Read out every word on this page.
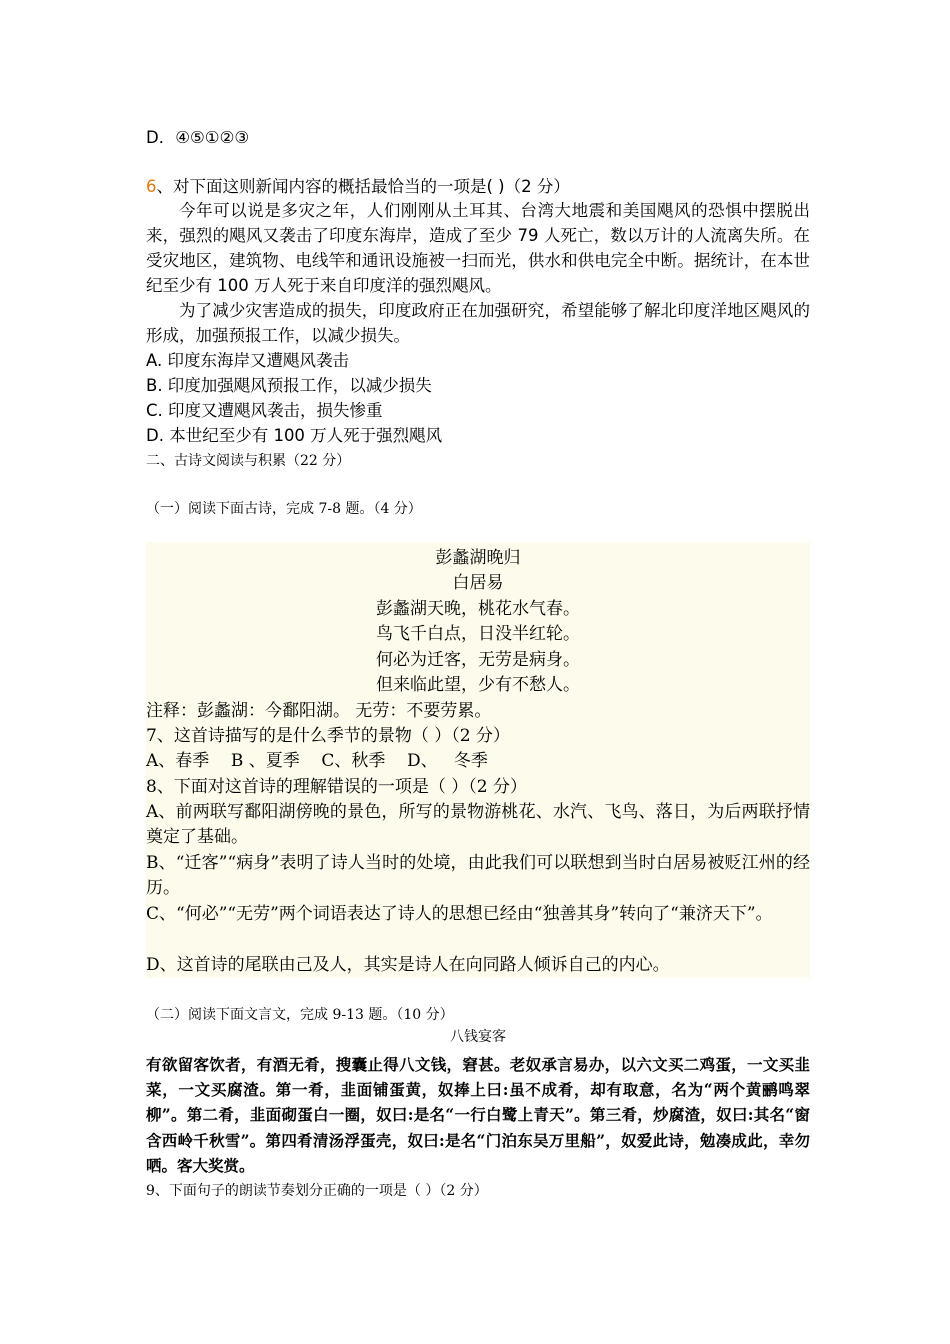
D．④⑤①②③
6、对下面这则新闻内容的概括最恰当的一项是( )（2 分）
今年可以说是多灾之年，人们刚刚从土耳其、台湾大地震和美国飓风的恐惧中摆脱出来，强烈的飓风又袭击了印度东海岸，造成了至少 79 人死亡，数以万计的人流离失所。在受灾地区，建筑物、电线竿和通讯设施被一扫而光，供水和供电完全中断。据统计，在本世纪至少有 100 万人死于来自印度洋的强烈飓风。
为了减少灾害造成的损失，印度政府正在加强研究，希望能够了解北印度洋地区飓风的形成，加强预报工作，以减少损失。
A. 印度东海岸又遭飓风袭击
B. 印度加强飓风预报工作，以减少损失
C. 印度又遭飓风袭击，损失惨重
D. 本世纪至少有 100 万人死于强烈飓风
二、古诗文阅读与积累（22 分）
（一）阅读下面古诗，完成 7-8 题。（4 分）
彭蠡湖晚归
白居易
彭蠡湖天晚，桃花水气春。
鸟飞千白点，日没半红轮。
何必为迁客，无劳是病身。
但来临此望，少有不愁人。
注释：彭蠡湖：今鄱阳湖。 无劳：不要劳累。
7、这首诗描写的是什么季节的景物（ ）（2 分）
A、春季    B 、夏季    C、秋季    D、   冬季
8、下面对这首诗的理解错误的一项是（ ）（2 分）
A、前两联写鄱阳湖傍晚的景色，所写的景物游桃花、水汽、飞鸟、落日，为后两联抒情奠定了基础。
B、“迁客”“病身”表明了诗人当时的处境，由此我们可以联想到当时白居易被贬江州的经历。
C、“何必”“无劳”两个词语表达了诗人的思想已经由“独善其身”转向了“兼济天下”。
D、这首诗的尾联由己及人，其实是诗人在向同路人倾诉自己的内心。
（二）阅读下面文言文，完成 9-13 题。（10 分）
八钱宴客
有欲留客饮者，有酒无肴，搜囊止得八文钱，窘甚。老奴承言易办，以六文买二鸡蛋，一文买韭菜，一文买腐渣。第一肴，韭面铺蛋黄，奴捧上曰:虽不成肴，却有取意，名为“两个黄鹂鸣翠柳”。第二肴，韭面砌蛋白一圈，奴曰:是名“一行白鹭上青天”。第三肴，炒腐渣，奴曰:其名“窗含西岭千秋雪”。第四肴清汤浮蛋壳，奴曰:是名“门泊东吴万里船”，奴爱此诗，勉凑成此，幸勿哂。客大奖赏。
9、下面句子的朗读节奏划分正确的一项是（ ）（2 分）
